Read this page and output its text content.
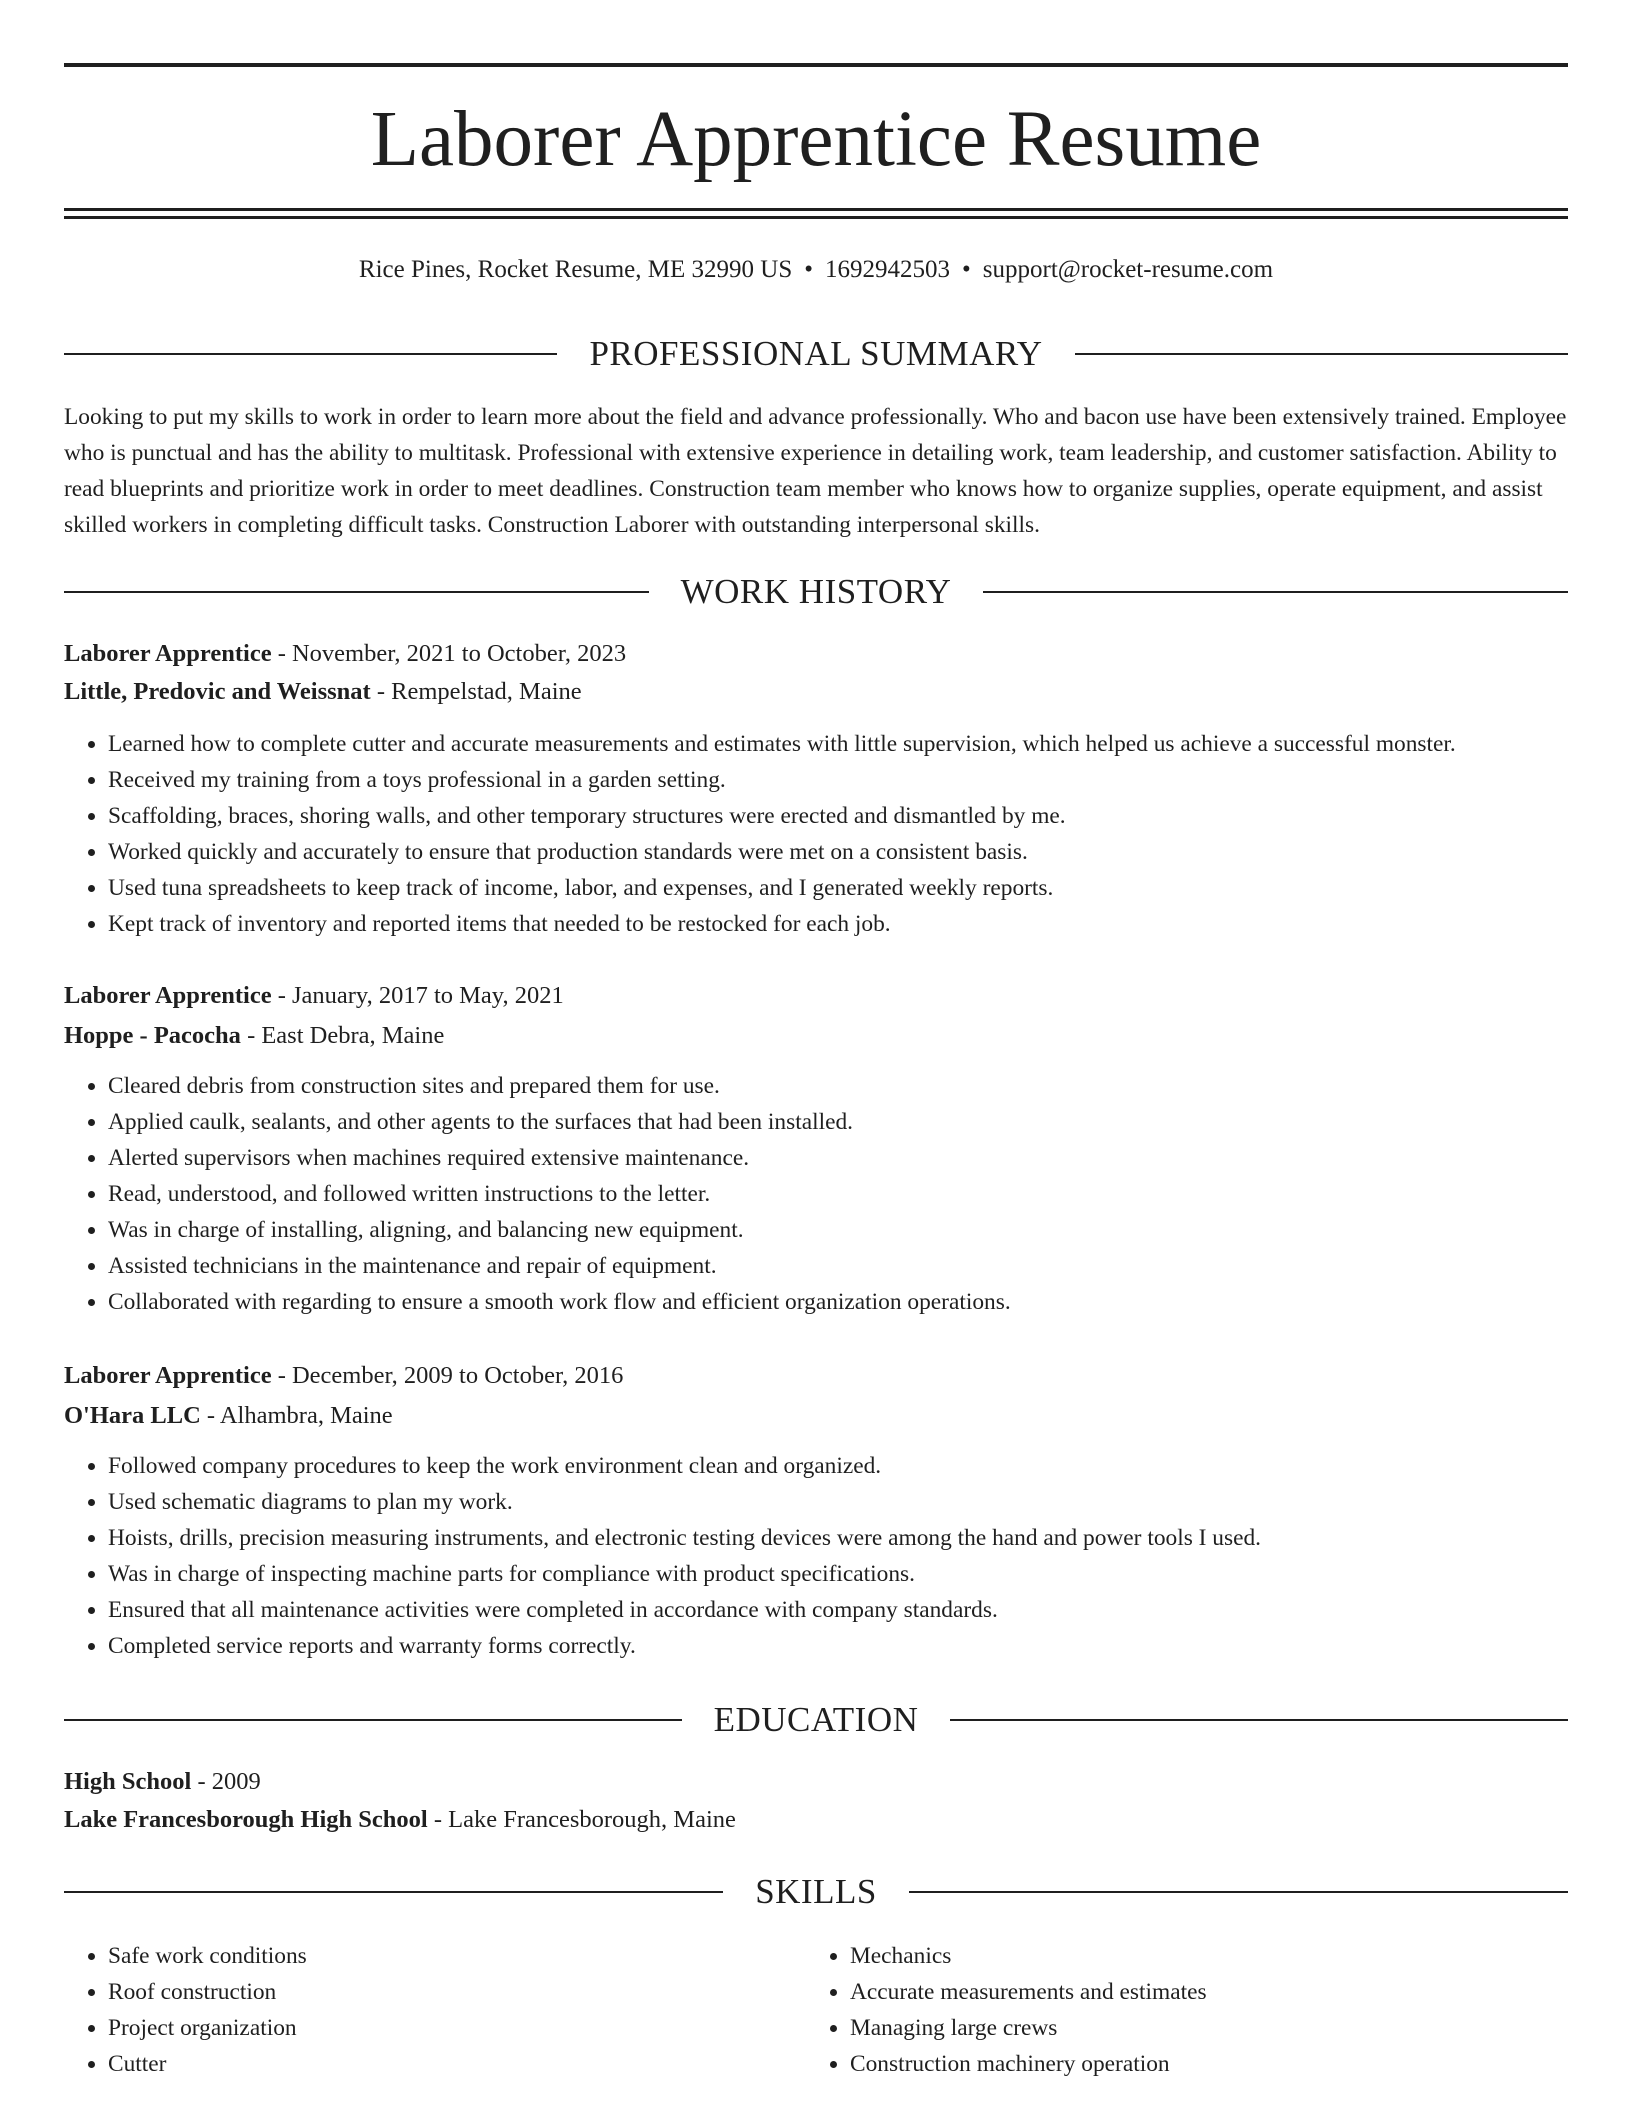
Laborer Apprentice Resume
Rice Pines, Rocket Resume, ME 32990 US • 1692942503 • support@rocket-resume.com
PROFESSIONAL SUMMARY

Looking to put my skills to work in order to learn more about the field and advance professionally. Who and bacon use have been extensively trained. Employee who is punctual and has the ability to multitask. Professional with extensive experience in detailing work, team leadership, and customer satisfaction. Ability to read blueprints and prioritize work in order to meet deadlines. Construction team member who knows how to organize supplies, operate equipment, and assist skilled workers in completing difficult tasks. Construction Laborer with outstanding interpersonal skills.

WORK HISTORY
Laborer Apprentice - November, 2021 to October, 2023
Little, Predovic and Weissnat - Rempelstad, Maine
• Learned how to complete cutter and accurate measurements and estimates with little supervision, which helped us achieve a successful monster.
• Received my training from a toys professional in a garden setting.
• Scaffolding, braces, shoring walls, and other temporary structures were erected and dismantled by me.
• Worked quickly and accurately to ensure that production standards were met on a consistent basis.
• Used tuna spreadsheets to keep track of income, labor, and expenses, and I generated weekly reports.
• Kept track of inventory and reported items that needed to be restocked for each job.
Laborer Apprentice - January, 2017 to May, 2021
Hoppe - Pacocha - East Debra, Maine
• Cleared debris from construction sites and prepared them for use.
• Applied caulk, sealants, and other agents to the surfaces that had been installed.
• Alerted supervisors when machines required extensive maintenance.
• Read, understood, and followed written instructions to the letter.
• Was in charge of installing, aligning, and balancing new equipment.
• Assisted technicians in the maintenance and repair of equipment.
• Collaborated with regarding to ensure a smooth work flow and efficient organization operations.
Laborer Apprentice - December, 2009 to October, 2016
O'Hara LLC - Alhambra, Maine
• Followed company procedures to keep the work environment clean and organized.
• Used schematic diagrams to plan my work.
• Hoists, drills, precision measuring instruments, and electronic testing devices were among the hand and power tools I used.
• Was in charge of inspecting machine parts for compliance with product specifications.
• Ensured that all maintenance activities were completed in accordance with company standards.
• Completed service reports and warranty forms correctly.
EDUCATION
High School - 2009
Lake Francesborough High School - Lake Francesborough, Maine
SKILLS
• Safe work conditions
• Roof construction
• Project organization
• Cutter
• Mechanics
• Accurate measurements and estimates
• Managing large crews
• Construction machinery operation
